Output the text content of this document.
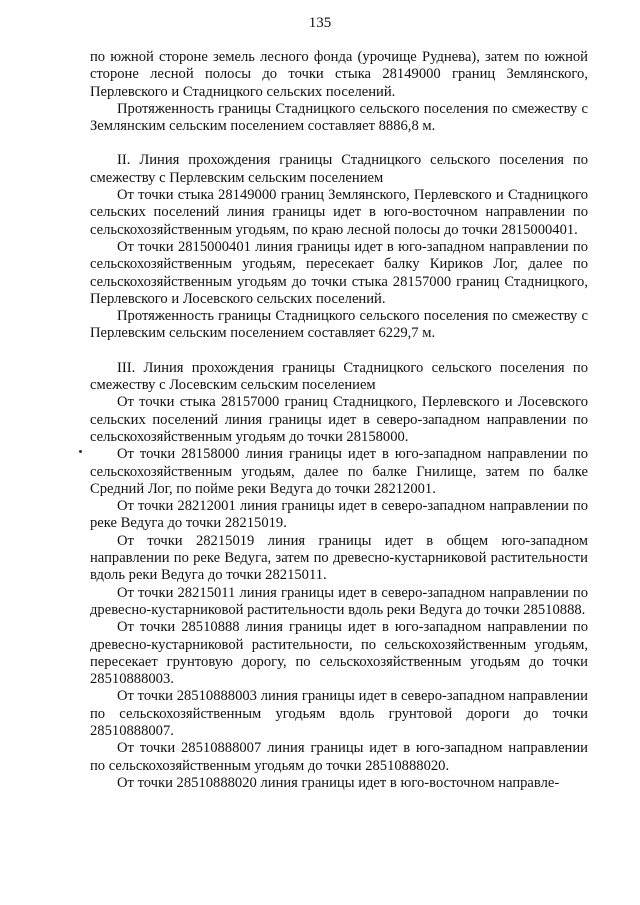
135

по южной стороне земель лесного фонда (урочище Руднева), затем по южной стороне лесной полосы до точки стыка 28149000 границ Землянского, Перлевского и Стадницкого сельских поселений.

Протяженность границы Стадницкого сельского поселения по смежеству с Землянским сельским поселением составляет 8886,8 м.

II. Линия прохождения границы Стадницкого сельского поселения по смежеству с Перлевским сельским поселением

От точки стыка 28149000 границ Землянского, Перлевского и Стадницкого сельских поселений линия границы идет в юго-восточном направлении по сельскохозяйственным угодьям, по краю лесной полосы до точки 2815000401.

От точки 2815000401 линия границы идет в юго-западном направлении по сельскохозяйственным угодьям, пересекает балку Кириков Лог, далее по сельскохозяйственным угодьям до точки стыка 28157000 границ Стадницкого, Перлевского и Лосевского сельских поселений.

Протяженность границы Стадницкого сельского поселения по смежеству с Перлевским сельским поселением составляет 6229,7 м.

III. Линия прохождения границы Стадницкого сельского поселения по смежеству с Лосевским сельским поселением

От точки стыка 28157000 границ Стадницкого, Перлевского и Лосевского сельских поселений линия границы идет в северо-западном направлении по сельскохозяйственным угодьям до точки 28158000.

От точки 28158000 линия границы идет в юго-западном направлении по сельскохозяйственным угодьям, далее по балке Гнилище, затем по балке Средний Лог, по пойме реки Ведуга до точки 28212001.

От точки 28212001 линия границы идет в северо-западном направлении по реке Ведуга до точки 28215019.

От точки 28215019 линия границы идет в общем юго-западном направлении по реке Ведуга, затем по древесно-кустарниковой растительности вдоль реки Ведуга до точки 28215011.

От точки 28215011 линия границы идет в северо-западном направлении по древесно-кустарниковой растительности вдоль реки Ведуга до точки 28510888.

От точки 28510888 линия границы идет в юго-западном направлении по древесно-кустарниковой растительности, по сельскохозяйственным угодьям, пересекает грунтовую дорогу, по сельскохозяйственным угодьям до точки 28510888003.

От точки 28510888003 линия границы идет в северо-западном направлении по сельскохозяйственным угодьям вдоль грунтовой дороги до точки 28510888007.

От точки 28510888007 линия границы идет в юго-западном направлении по сельскохозяйственным угодьям до точки 28510888020.

От точки 28510888020 линия границы идет в юго-восточном направле-
